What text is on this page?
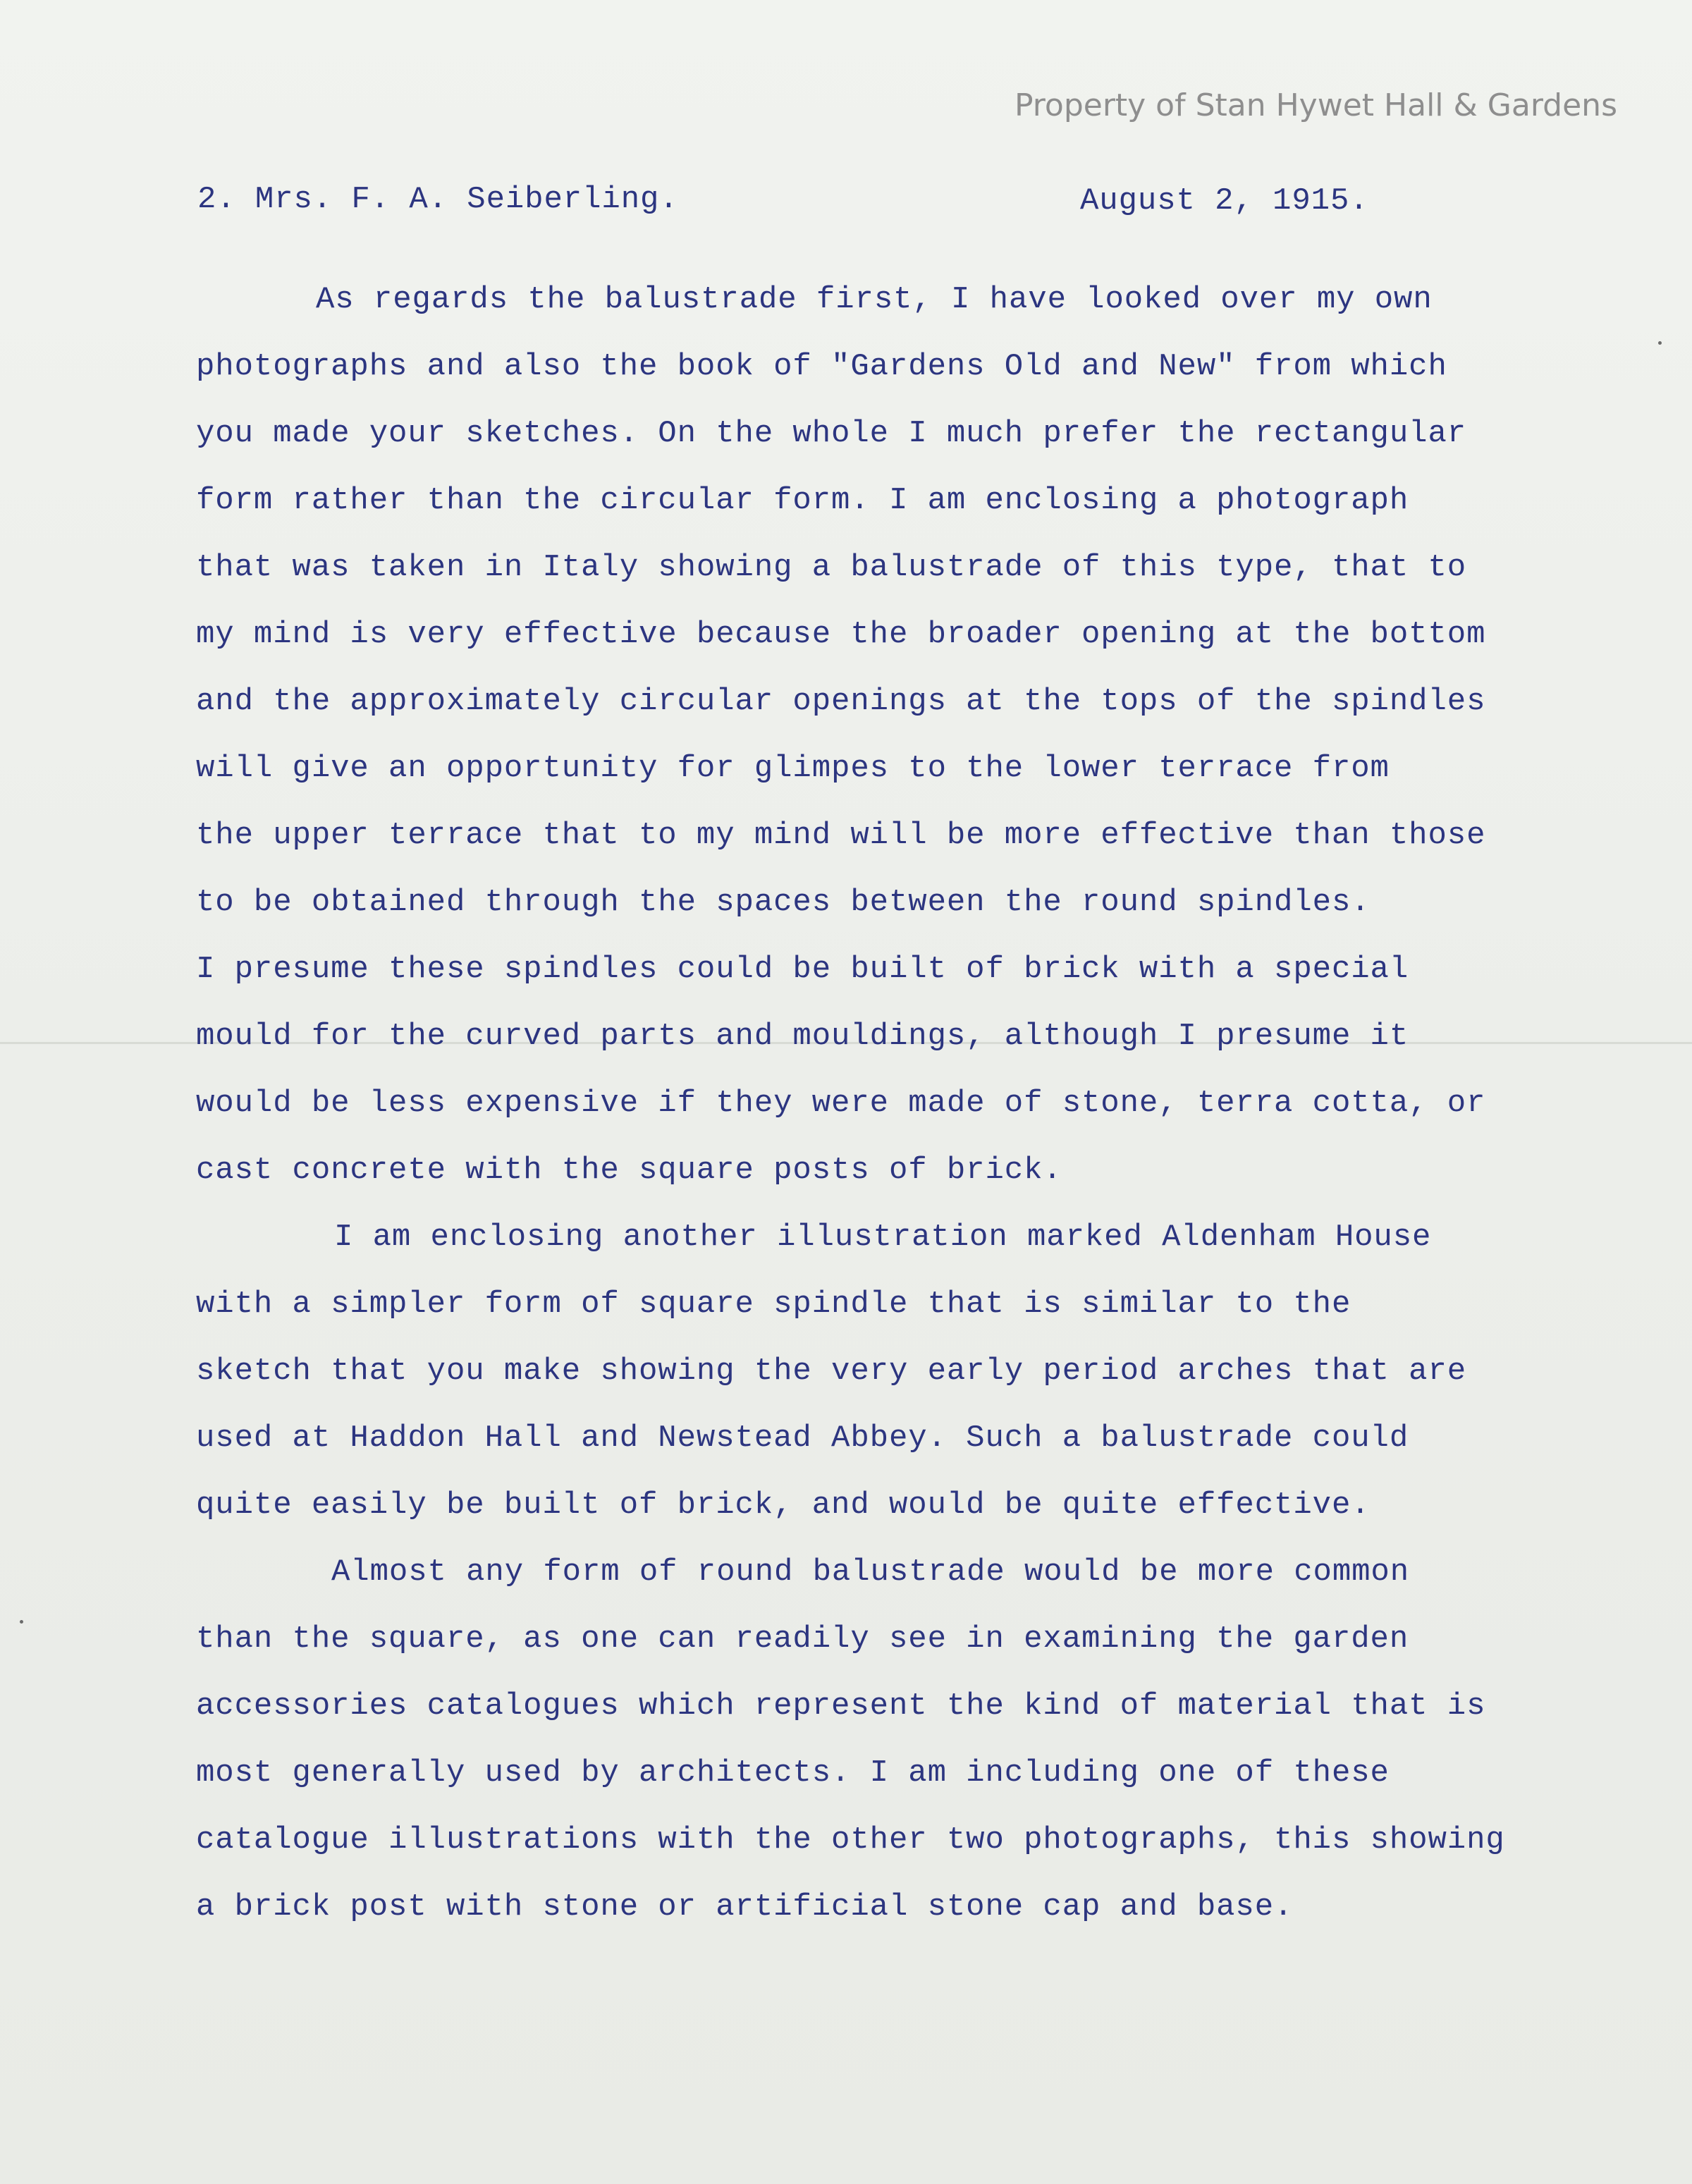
Property of Stan Hywet Hall & Gardens
2. Mrs. F. A. Seiberling.	August 2, 1915.
As regards the balustrade first, I have looked over my own
photographs and also the book of "Gardens Old and New" from which
you made your sketches. On the whole I much prefer the rectangular
form rather than the circular form. I am enclosing a photograph
that was taken in Italy showing a balustrade of this type, that to
my mind is very effective because the broader opening at the bottom
and the approximately circular openings at the tops of the spindles
will give an opportunity for glimpes to the lower terrace from
the upper terrace that to my mind will be more effective than those
to be obtained through the spaces between the round spindles.
I presume these spindles could be built of brick with a special
mould for the curved parts and mouldings, although I presume it
would be less expensive if they were made of stone, terra cotta, or
cast concrete with the square posts of brick.
I am enclosing another illustration marked Aldenham House
with a simpler form of square spindle that is similar to the
sketch that you make showing the very early period arches that are
used at Haddon Hall and Newstead Abbey. Such a balustrade could
quite easily be built of brick, and would be quite effective.
Almost any form of round balustrade would be more common
than the square, as one can readily see in examining the garden
accessories catalogues which represent the kind of material that is
most generally used by architects. I am including one of these
catalogue illustrations with the other two photographs, this showing
a brick post with stone or artificial stone cap and base.
